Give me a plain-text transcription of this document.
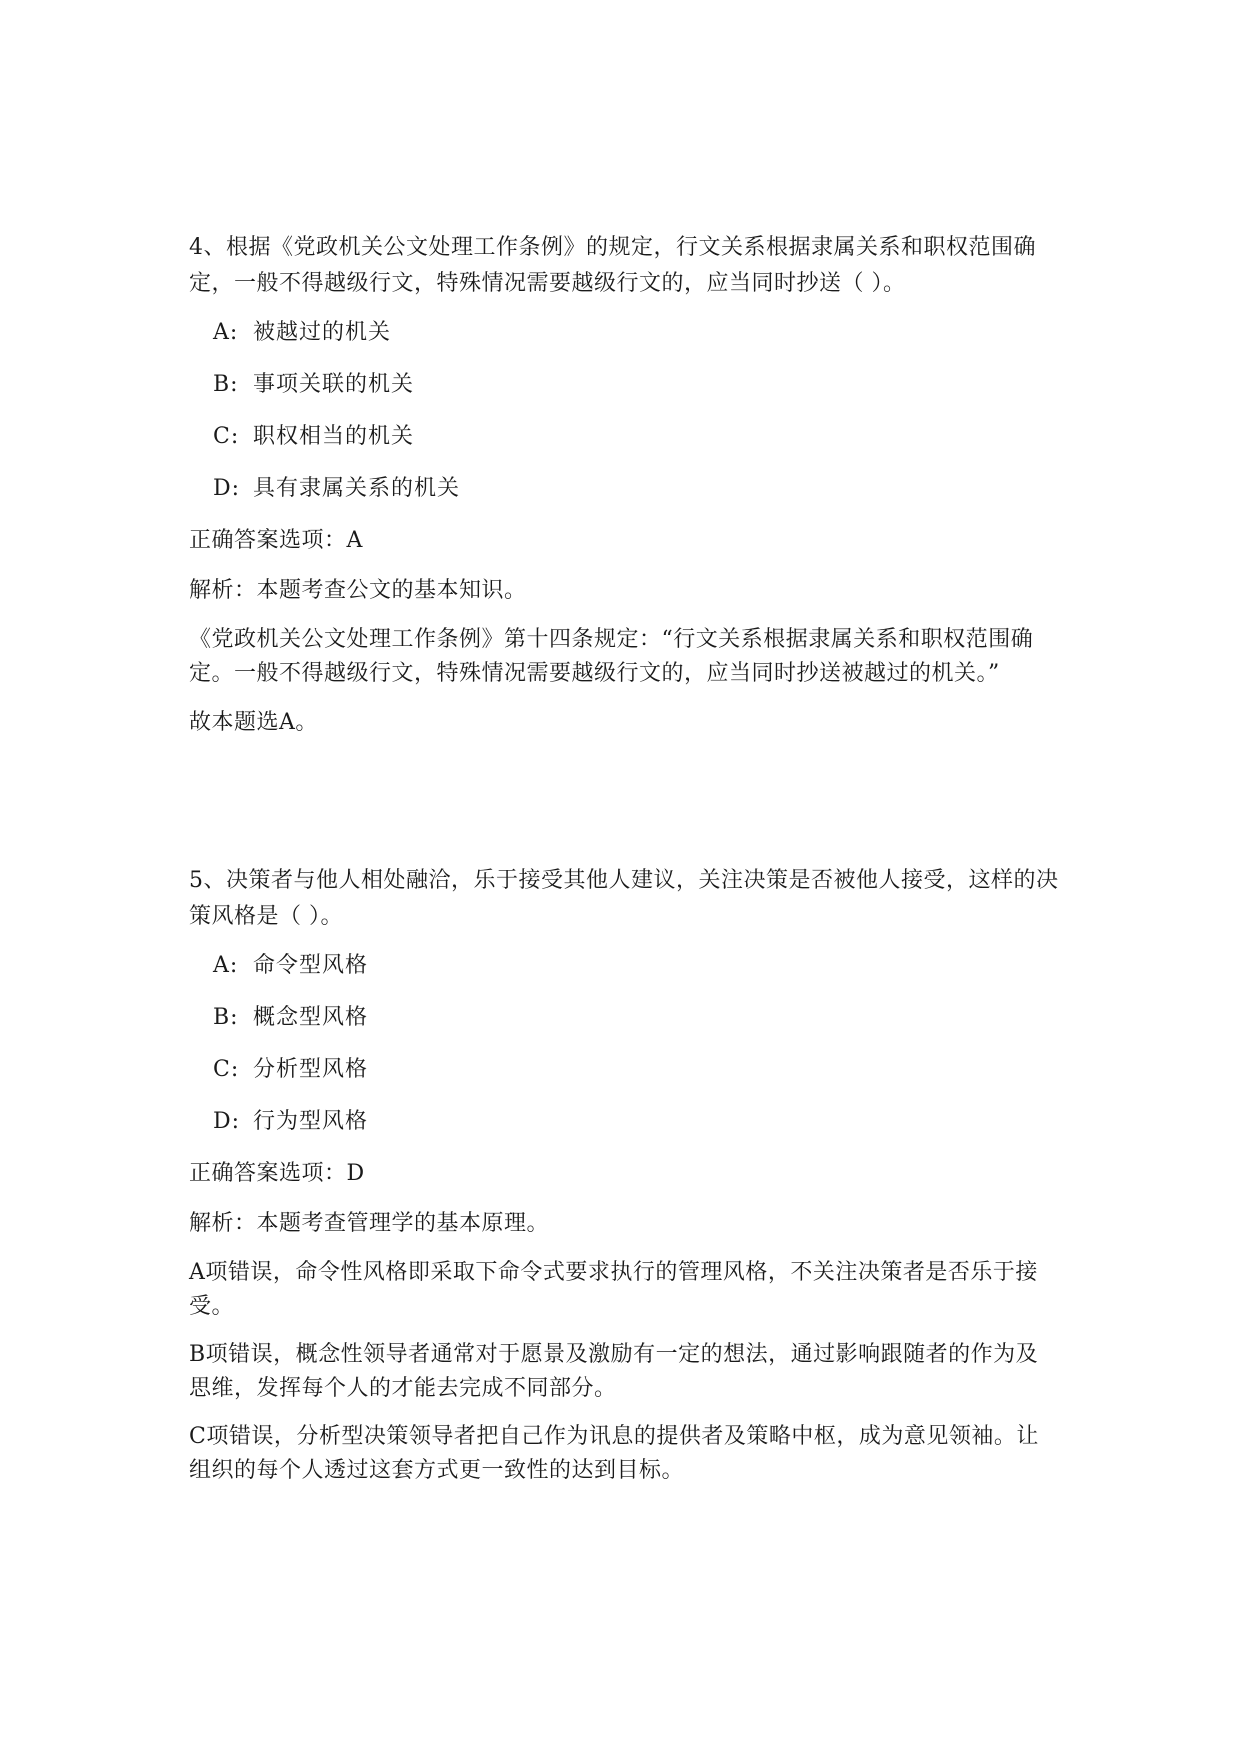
4、根据《党政机关公文处理工作条例》的规定，行文关系根据隶属关系和职权范围确定，一般不得越级行文，特殊情况需要越级行文的，应当同时抄送（ ）。

A: 被越过的机关

B: 事项关联的机关

C: 职权相当的机关

D: 具有隶属关系的机关

正确答案选项：A

解析：本题考查公文的基本知识。

《党政机关公文处理工作条例》第十四条规定：“行文关系根据隶属关系和职权范围确定。一般不得越级行文，特殊情况需要越级行文的，应当同时抄送被越过的机关。”

故本题选A。

5、决策者与他人相处融洽，乐于接受其他人建议，关注决策是否被他人接受，这样的决策风格是（ ）。

A: 命令型风格

B: 概念型风格

C: 分析型风格

D: 行为型风格

正确答案选项：D

解析：本题考查管理学的基本原理。

A项错误，命令性风格即采取下命令式要求执行的管理风格，不关注决策者是否乐于接受。

B项错误，概念性领导者通常对于愿景及激励有一定的想法，通过影响跟随者的作为及思维，发挥每个人的才能去完成不同部分。

C项错误，分析型决策领导者把自己作为讯息的提供者及策略中枢，成为意见领袖。让组织的每个人透过这套方式更一致性的达到目标。
